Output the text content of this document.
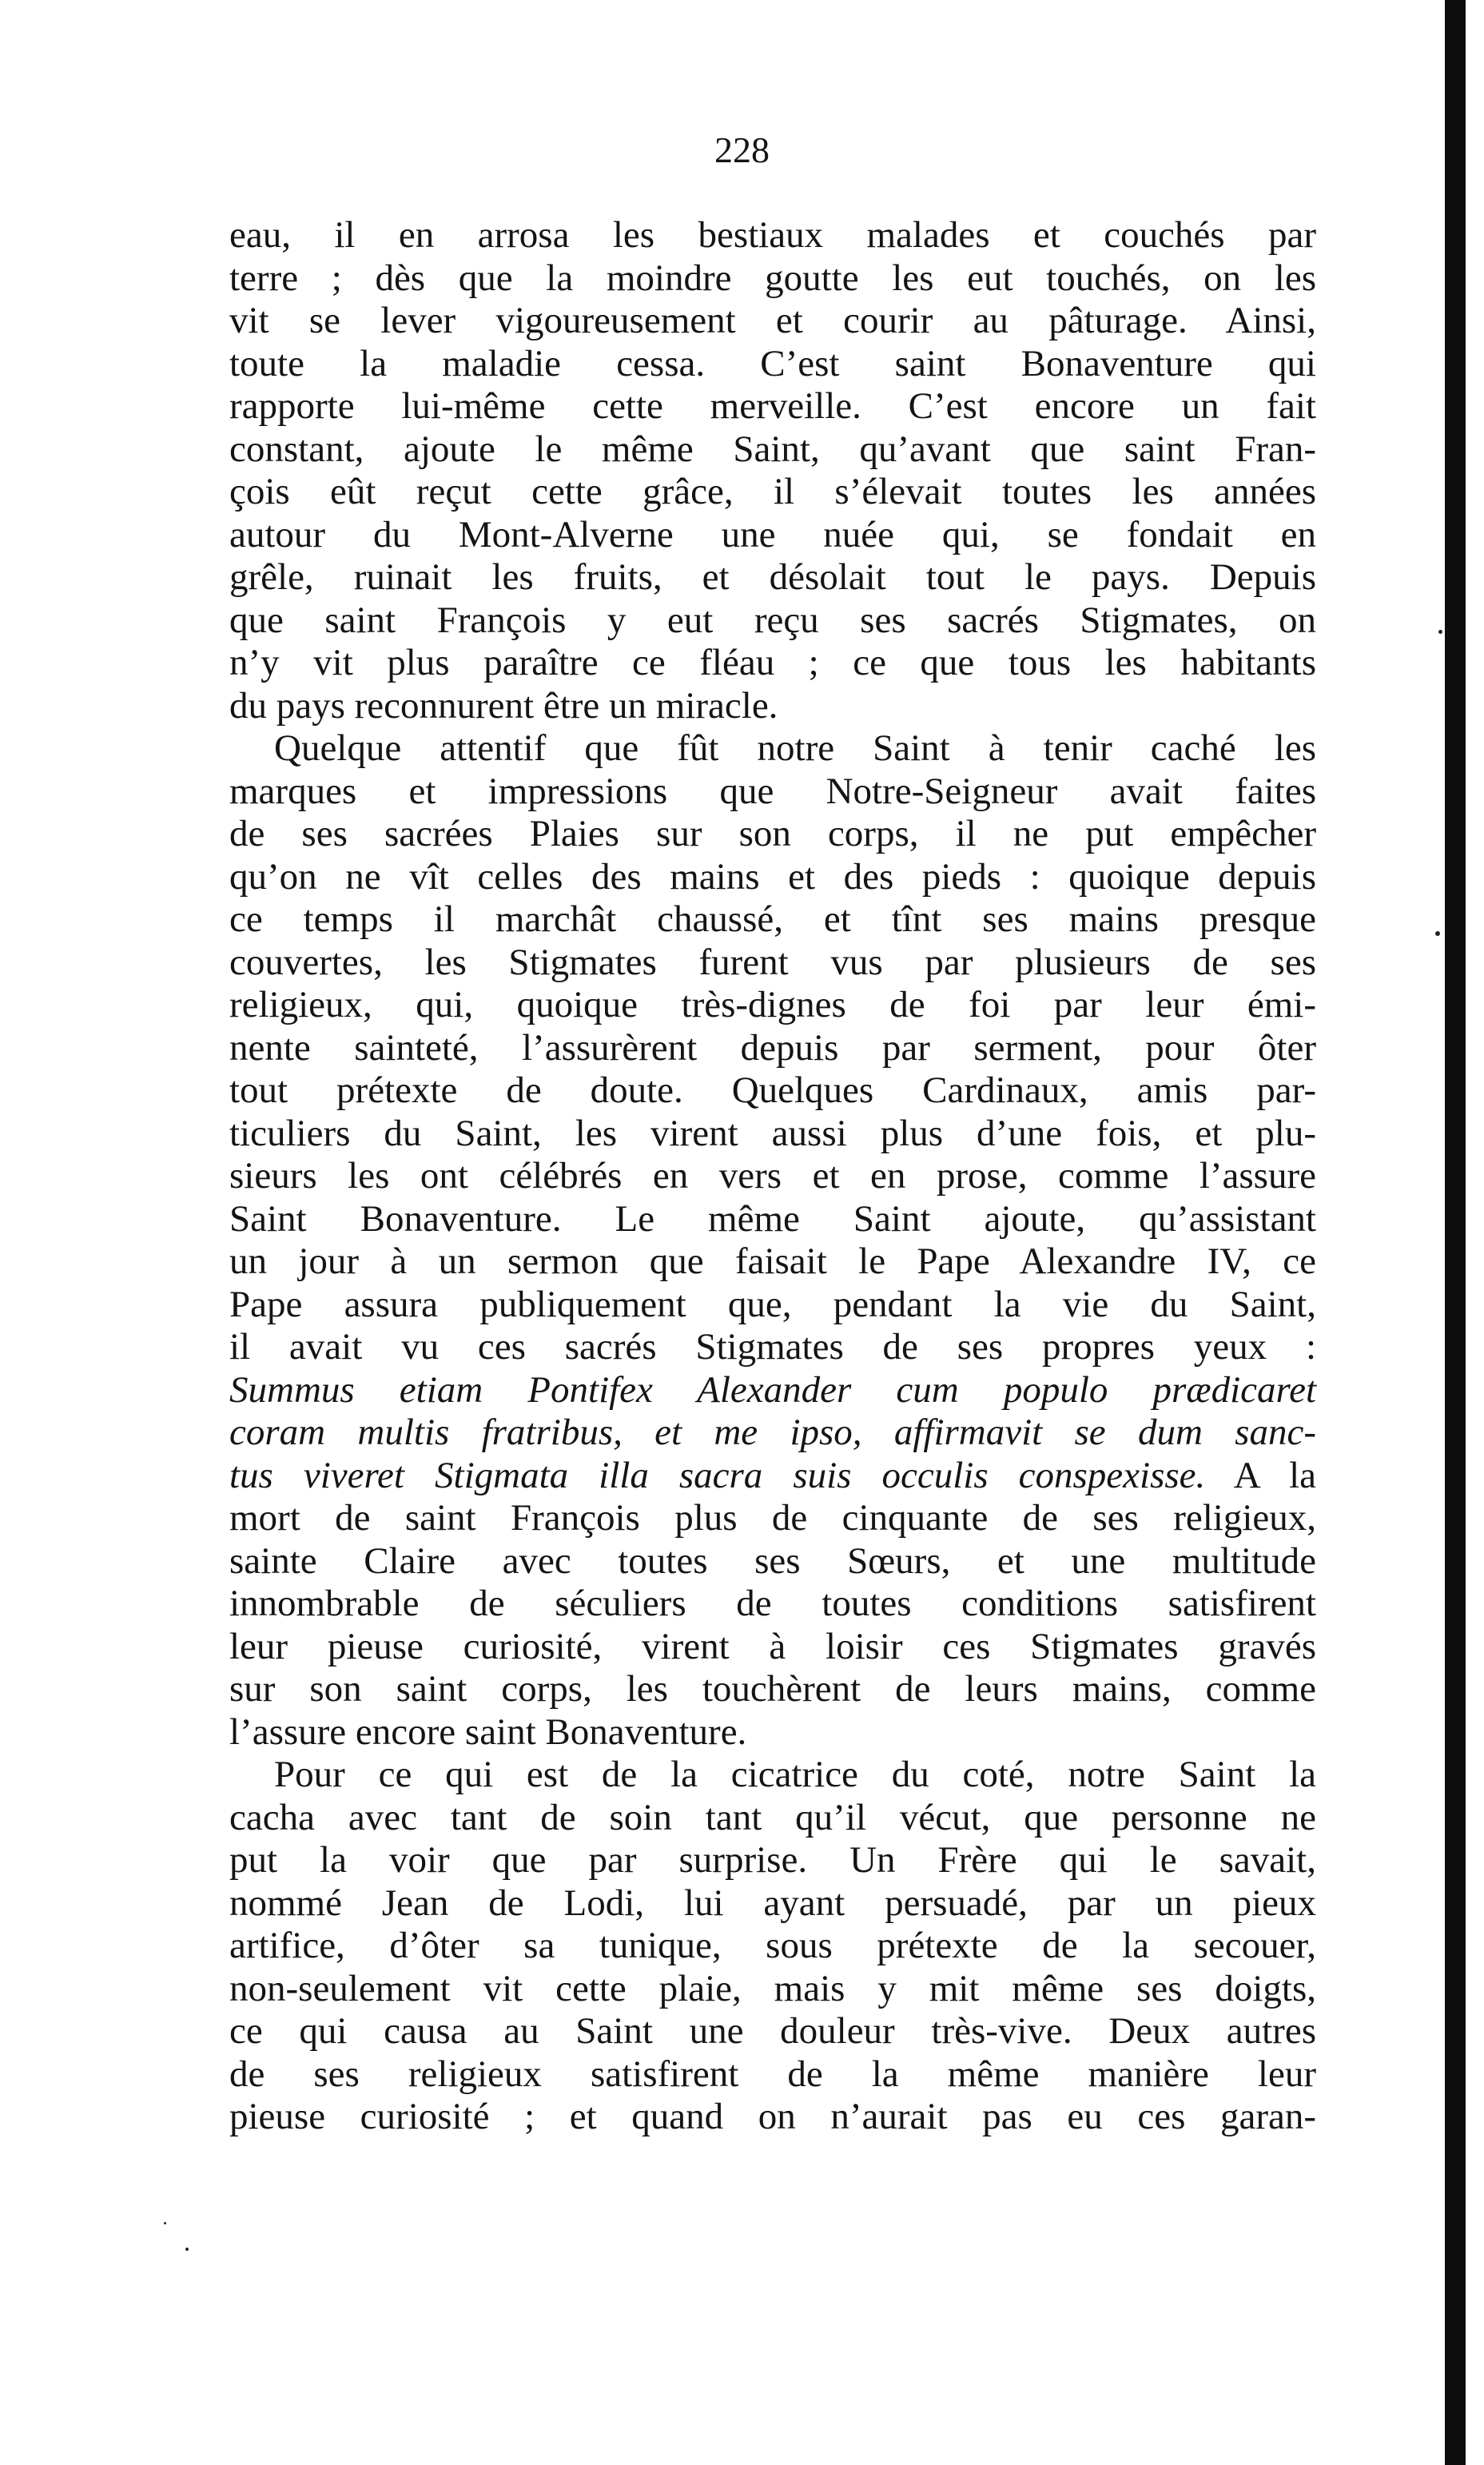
228
eau, il en arrosa les bestiaux malades et couchés par
terre ; dès que la moindre goutte les eut touchés, on les
vit se lever vigoureusement et courir au pâturage. Ainsi,
toute la maladie cessa. C’est saint Bonaventure qui
rapporte lui-même cette merveille. C’est encore un fait
constant, ajoute le même Saint, qu’avant que saint Fran-
çois eût reçut cette grâce, il s’élevait toutes les années
autour du Mont-Alverne une nuée qui, se fondait en
grêle, ruinait les fruits, et désolait tout le pays. Depuis
que saint François y eut reçu ses sacrés Stigmates, on
n’y vit plus paraître ce fléau ; ce que tous les habitants
du pays reconnurent être un miracle.
Quelque attentif que fût notre Saint à tenir caché les
marques et impressions que Notre-Seigneur avait faites
de ses sacrées Plaies sur son corps, il ne put empêcher
qu’on ne vît celles des mains et des pieds : quoique depuis
ce temps il marchât chaussé, et tînt ses mains presque
couvertes, les Stigmates furent vus par plusieurs de ses
religieux, qui, quoique très-dignes de foi par leur émi-
nente sainteté, l’assurèrent depuis par serment, pour ôter
tout prétexte de doute. Quelques Cardinaux, amis par-
ticuliers du Saint, les virent aussi plus d’une fois, et plu-
sieurs les ont célébrés en vers et en prose, comme l’assure
Saint Bonaventure. Le même Saint ajoute, qu’assistant
un jour à un sermon que faisait le Pape Alexandre IV, ce
Pape assura publiquement que, pendant la vie du Saint,
il avait vu ces sacrés Stigmates de ses propres yeux :
Summus etiam Pontifex Alexander cum populo prædicaret
coram multis fratribus, et me ipso, affirmavit se dum sanc-
tus viveret Stigmata illa sacra suis occulis conspexisse. A la
mort de saint François plus de cinquante de ses religieux,
sainte Claire avec toutes ses Sœurs, et une multitude
innombrable de séculiers de toutes conditions satisfirent
leur pieuse curiosité, virent à loisir ces Stigmates gravés
sur son saint corps, les touchèrent de leurs mains, comme
l’assure encore saint Bonaventure.
Pour ce qui est de la cicatrice du coté, notre Saint la
cacha avec tant de soin tant qu’il vécut, que personne ne
put la voir que par surprise. Un Frère qui le savait,
nommé Jean de Lodi, lui ayant persuadé, par un pieux
artifice, d’ôter sa tunique, sous prétexte de la secouer,
non-seulement vit cette plaie, mais y mit même ses doigts,
ce qui causa au Saint une douleur très-vive. Deux autres
de ses religieux satisfirent de la même manière leur
pieuse curiosité ; et quand on n’aurait pas eu ces garan-
